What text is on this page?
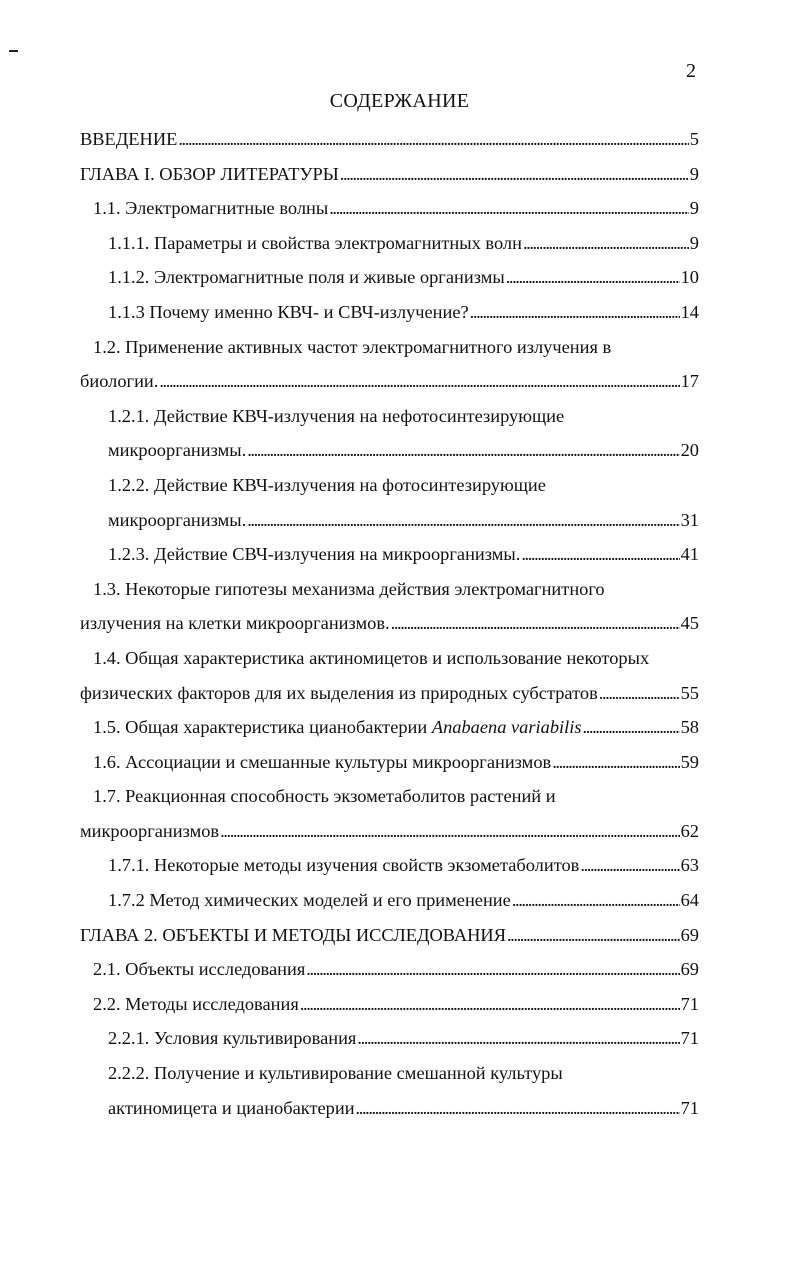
2
СОДЕРЖАНИЕ
ВВЕДЕНИЕ . . .	5
ГЛАВА I. ОБЗОР ЛИТЕРАТУРЫ . . .	9
1.1. Электромагнитные волны . . .	9
1.1.1. Параметры и свойства электромагнитных волн . . .	9
1.1.2. Электромагнитные поля и живые организмы . . .	10
1.1.3 Почему именно КВЧ- и СВЧ-излучение? . . .	14
1.2. Применение активных частот электромагнитного излучения в
биологии. . . .	17
1.2.1. Действие КВЧ-излучения на нефотосинтезирующие
микроорганизмы. . . .	20
1.2.2. Действие КВЧ-излучения на фотосинтезирующие
микроорганизмы. . . .	31
1.2.3. Действие СВЧ-излучения на микроорганизмы. . . .	41
1.3. Некоторые гипотезы механизма действия электромагнитного
излучения на клетки микроорганизмов. . . .	45
1.4. Общая характеристика актиномицетов и использование некоторых
физических факторов для их выделения из природных субстратов . . .	55
1.5. Общая характеристика цианобактерии Anabaena variabilis . . .	58
1.6. Ассоциации и смешанные культуры микроорганизмов . . .	59
1.7. Реакционная способность экзометаболитов растений и
микроорганизмов . . .	62
1.7.1. Некоторые методы изучения свойств экзометаболитов . . .	63
1.7.2 Метод химических моделей и его применение . . .	64
ГЛАВА 2. ОБЪЕКТЫ И МЕТОДЫ ИССЛЕДОВАНИЯ . . .	69
2.1. Объекты исследования . . .	69
2.2. Методы исследования . . .	71
2.2.1. Условия культивирования . . .	71
2.2.2. Получение и культивирование смешанной культуры
актиномицета и цианобактерии . . .	71
